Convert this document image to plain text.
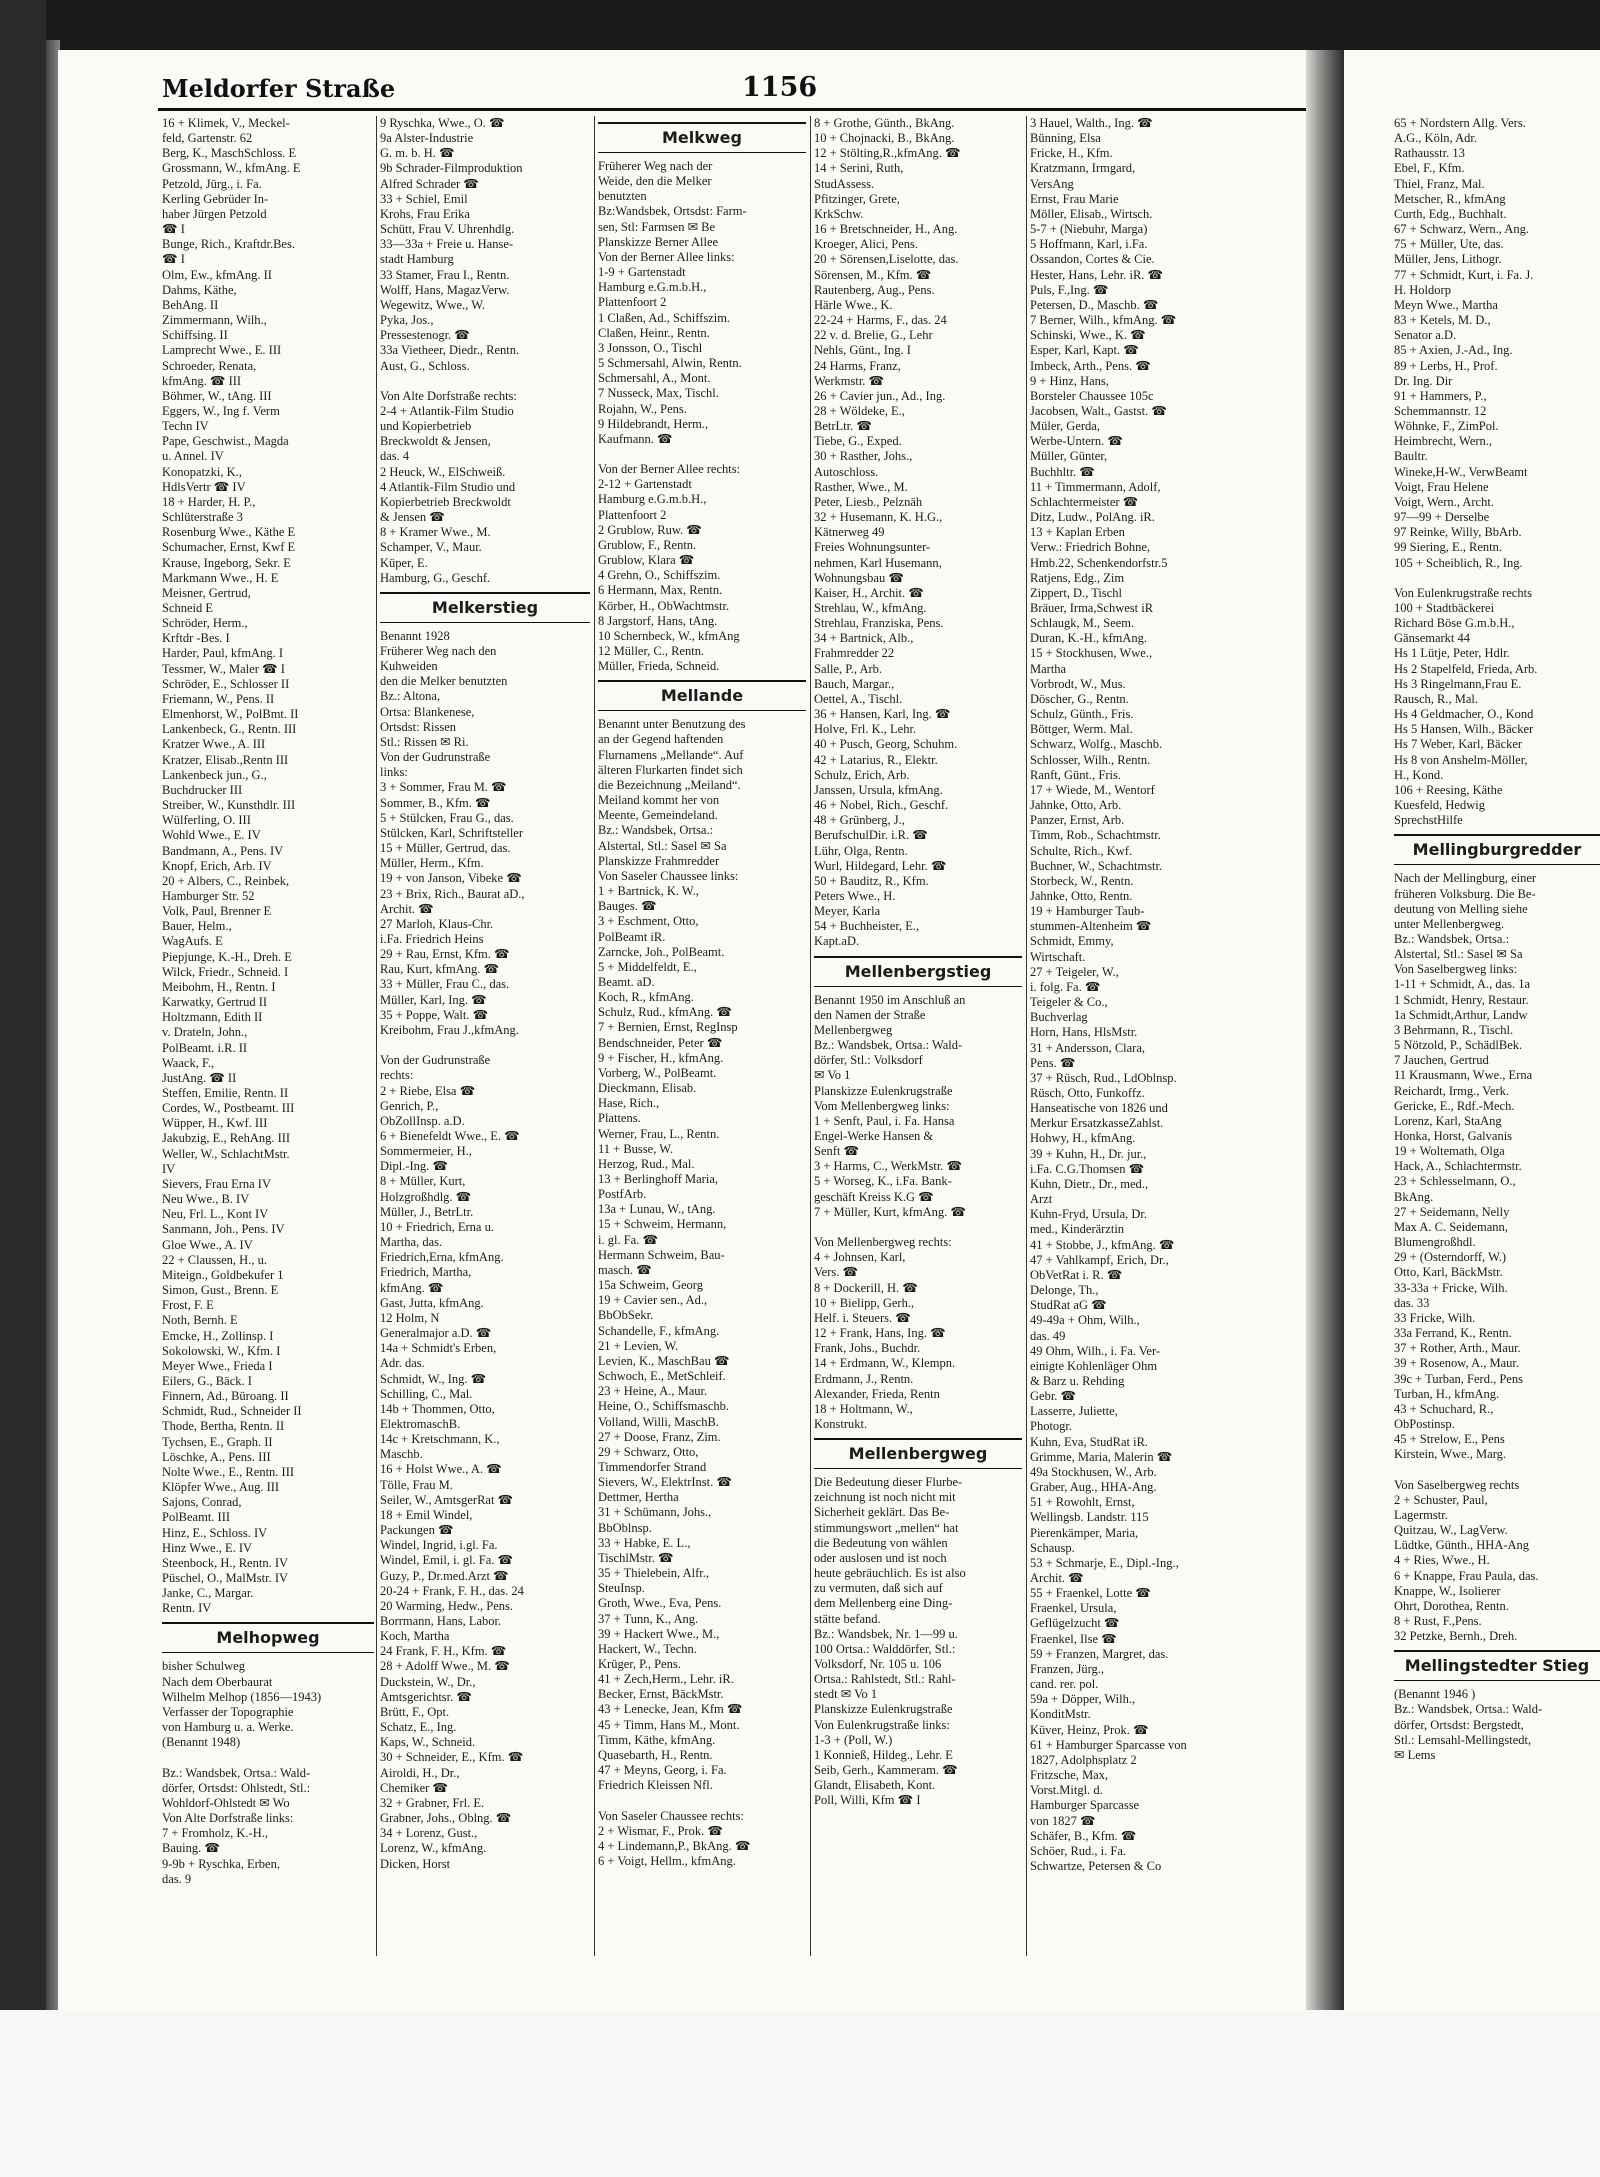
Meldorfer Straße	1156
16 + Klimek, V., Meckel-
feld, Gartenstr. 62
Berg, K., MaschSchloss. E
Grossmann, W., kfmAng. E
Petzold, Jürg., i. Fa.
Kerling Gebrüder In-
haber Jürgen Petzold
☎ I
Bunge, Rich., Kraftdr.Bes.
☎ I
Olm, Ew., kfmAng. II
Dahms, Käthe,
BehAng. II
Zimmermann, Wilh.,
Schiffsing. II
Lamprecht Wwe., E. III
Schroeder, Renata,
kfmAng. ☎ III
Böhmer, W., tAng. III
Eggers, W., Ing f. Verm
Techn IV
Pape, Geschwist., Magda
u. Annel. IV
Konopatzki, K.,
HdlsVertr ☎ IV
18 + Harder, H. P.,
Schlüterstraße 3
Rosenburg Wwe., Käthe E
Schumacher, Ernst, Kwf E
Krause, Ingeborg, Sekr. E
Markmann Wwe., H. E
Meisner, Gertrud,
Schneid E
Schröder, Herm.,
Krftdr -Bes. I
Harder, Paul, kfmAng. I
Tessmer, W., Maler ☎ I
Schröder, E., Schlosser II
Friemann, W., Pens. II
Elmenhorst, W., PolBmt. II
Lankenbeck, G., Rentn. III
Kratzer Wwe., A. III
Kratzer, Elisab.,Rentn III
Lankenbeck jun., G.,
Buchdrucker III
Streiber, W., Kunsthdlr. III
Wülferling, O. III
Wohld Wwe., E. IV
Bandmann, A., Pens. IV
Knopf, Erich, Arb. IV
20 + Albers, C., Reinbek,
Hamburger Str. 52
Volk, Paul, Brenner E
Bauer, Helm.,
WagAufs. E
Piepjunge, K.-H., Dreh. E
Wilck, Friedr., Schneid. I
Meibohm, H., Rentn. I
Karwatky, Gertrud II
Holtzmann, Edith II
v. Drateln, John.,
PolBeamt. i.R. II
Waack, F.,
JustAng. ☎ II
Steffen, Emilie, Rentn. II
Cordes, W., Postbeamt. III
Wüpper, H., Kwf. III
Jakubzig, E., RehAng. III
Weller, W., SchlachtMstr.
IV
Sievers, Frau Erna IV
Neu Wwe., B. IV
Neu, Frl. L., Kont IV
Sanmann, Joh., Pens. IV
Gloe Wwe., A. IV
22 + Claussen, H., u.
Miteign., Goldbekufer 1
Simon, Gust., Brenn. E
Frost, F. E
Noth, Bernh. E
Emcke, H., Zollinsp. I
Sokolowski, W., Kfm. I
Meyer Wwe., Frieda I
Eilers, G., Bäck. I
Finnern, Ad., Büroang. II
Schmidt, Rud., Schneider II
Thode, Bertha, Rentn. II
Tychsen, E., Graph. II
Löschke, A., Pens. III
Nolte Wwe., E., Rentn. III
Klöpfer Wwe., Aug. III
Sajons, Conrad,
PolBeamt. III
Hinz, E., Schloss. IV
Hinz Wwe., E. IV
Steenbock, H., Rentn. IV
Püschel, O., MalMstr. IV
Janke, C., Margar.
Rentn. IV
Melhopweg
bisher Schulweg
Nach dem Oberbaurat
Wilhelm Melhop (1856—1943)
Verfasser der Topographie
von Hamburg u. a. Werke.
(Benannt 1948)

Bz.: Wandsbek, Ortsa.: Wald-
dörfer, Ortsdst: Ohlstedt, Stl.:
Wohldorf-Ohlstedt ✉ Wo
Von Alte Dorfstraße links:
7 + Fromholz, K.-H.,
Bauing. ☎
9-9b + Ryschka, Erben,
das. 9
9 Ryschka, Wwe., O. ☎
9a Alster-Industrie
G. m. b. H. ☎
9b Schrader-Filmproduktion
Alfred Schrader ☎
33 + Schiel, Emil
Krohs, Frau Erika
Schütt, Frau V. Uhrenhdlg.
33—33a + Freie u. Hanse-
stadt Hamburg
33 Stamer, Frau I., Rentn.
Wolff, Hans, MagazVerw.
Wegewitz, Wwe., W.
Pyka, Jos.,
Pressestenogr. ☎
33a Vietheer, Diedr., Rentn.
Aust, G., Schloss.

Von Alte Dorfstraße rechts:
2-4 + Atlantik-Film Studio
und Kopierbetrieb
Breckwoldt & Jensen,
das. 4
2 Heuck, W., ElSchweiß.
4 Atlantik-Film Studio und
Kopierbetrieb Breckwoldt
& Jensen ☎
8 + Kramer Wwe., M.
Schamper, V., Maur.
Küper, E.
Hamburg, G., Geschf.
Melkerstieg
Benannt 1928
Früherer Weg nach den
Kuhweiden
den die Melker benutzten
Bz.: Altona,
Ortsa: Blankenese,
Ortsdst: Rissen
Stl.: Rissen ✉ Ri.
Von der Gudrunstraße
links:
3 + Sommer, Frau M. ☎
Sommer, B., Kfm. ☎
5 + Stülcken, Frau G., das.
Stülcken, Karl, Schriftsteller
15 + Müller, Gertrud, das.
Müller, Herm., Kfm.
19 + von Janson, Vibeke ☎
23 + Brix, Rich., Baurat aD.,
Archit. ☎
27 Marloh, Klaus-Chr.
i.Fa. Friedrich Heins
29 + Rau, Ernst, Kfm. ☎
Rau, Kurt, kfmAng. ☎
33 + Müller, Frau C., das.
Müller, Karl, Ing. ☎
35 + Poppe, Walt. ☎
Kreibohm, Frau J.,kfmAng.

Von der Gudrunstraße
rechts:
2 + Riebe, Elsa ☎
Genrich, P.,
ObZollInsp. a.D.
6 + Bienefeldt Wwe., E. ☎
Sommermeier, H.,
Dipl.-Ing. ☎
8 + Müller, Kurt,
Holzgroßhdlg. ☎
Müller, J., BetrLtr.
10 + Friedrich, Erna u.
Martha, das.
Friedrich,Erna, kfmAng.
Friedrich, Martha,
kfmAng. ☎
Gast, Jutta, kfmAng.
12 Holm, N
Generalmajor a.D. ☎
14a + Schmidt's Erben,
Adr. das.
Schmidt, W., Ing. ☎
Schilling, C., Mal.
14b + Thommen, Otto,
ElektromaschB.
14c + Kretschmann, K.,
Maschb.
16 + Holst Wwe., A. ☎
Tölle, Frau M.
Seiler, W., AmtsgerRat ☎
18 + Emil Windel,
Packungen ☎
Windel, Ingrid, i.gl. Fa.
Windel, Emil, i. gl. Fa. ☎
Guzy, P., Dr.med.Arzt ☎
20-24 + Frank, F. H., das. 24
20 Warming, Hedw., Pens.
Borrmann, Hans, Labor.
Koch, Martha
24 Frank, F. H., Kfm. ☎
28 + Adolff Wwe., M. ☎
Duckstein, W., Dr.,
Amtsgerichtsr. ☎
Brütt, F., Opt.
Schatz, E., Ing.
Kaps, W., Schneid.
30 + Schneider, E., Kfm. ☎
Airoldi, H., Dr.,
Chemiker ☎
32 + Grabner, Frl. E.
Grabner, Johs., Oblng. ☎
34 + Lorenz, Gust.,
Lorenz, W., kfmAng.
Dicken, Horst
Melkweg
Früherer Weg nach der
Weide, den die Melker
benutzten
Bz:Wandsbek, Ortsdst: Farm-
sen, Stl: Farmsen ✉ Be
Planskizze Berner Allee
Von der Berner Allee links:
1-9 + Gartenstadt
Hamburg e.G.m.b.H.,
Plattenfoort 2
1 Claßen, Ad., Schiffszim.
Claßen, Heinr., Rentn.
3 Jonsson, O., Tischl
5 Schmersahl, Alwin, Rentn.
Schmersahl, A., Mont.
7 Nusseck, Max, Tischl.
Rojahn, W., Pens.
9 Hildebrandt, Herm.,
Kaufmann. ☎

Von der Berner Allee rechts:
2-12 + Gartenstadt
Hamburg e.G.m.b.H.,
Plattenfoort 2
2 Grublow, Ruw. ☎
Grublow, F., Rentn.
Grublow, Klara ☎
4 Grehn, O., Schiffszim.
6 Hermann, Max, Rentn.
Körber, H., ObWachtmstr.
8 Jargstorf, Hans, tAng.
10 Schernbeck, W., kfmAng
12 Müller, C., Rentn.
Müller, Frieda, Schneid.
Mellande
Benannt unter Benutzung des
an der Gegend haftenden
Flurnamens „Mellande“. Auf
älteren Flurkarten findet sich
die Bezeichnung „Meiland“.
Meiland kommt her von
Meente, Gemeindeland.
Bz.: Wandsbek, Ortsa.:
Alstertal, Stl.: Sasel ✉ Sa
Planskizze Frahmredder
Von Saseler Chaussee links:
1 + Bartnick, K. W.,
Bauges. ☎
3 + Eschment, Otto,
PolBeamt iR.
Zarncke, Joh., PolBeamt.
5 + Middelfeldt, E.,
Beamt. aD.
Koch, R., kfmAng.
Schulz, Rud., kfmAng. ☎
7 + Bernien, Ernst, RegInsp
Bendschneider, Peter ☎
9 + Fischer, H., kfmAng.
Vorberg, W., PolBeamt.
Dieckmann, Elisab.
Hase, Rich.,
Plattens.
Werner, Frau, L., Rentn.
11 + Busse, W.
Herzog, Rud., Mal.
13 + Berlinghoff Maria,
PostfArb.
13a + Lunau, W., tAng.
15 + Schweim, Hermann,
i. gl. Fa. ☎
Hermann Schweim, Bau-
masch. ☎
15a Schweim, Georg
19 + Cavier sen., Ad.,
BbObSekr.
Schandelle, F., kfmAng.
21 + Levien, W.
Levien, K., MaschBau ☎
Schwoch, E., MetSchleif.
23 + Heine, A., Maur.
Heine, O., Schiffsmaschb.
Volland, Willi, MaschB.
27 + Doose, Franz, Zim.
29 + Schwarz, Otto,
Timmendorfer Strand
Sievers, W., ElektrInst. ☎
Dettmer, Hertha
31 + Schümann, Johs.,
BbOblnsp.
33 + Habke, E. L.,
TischlMstr. ☎
35 + Thielebein, Alfr.,
SteuInsp.
Groth, Wwe., Eva, Pens.
37 + Tunn, K., Ang.
39 + Hackert Wwe., M.,
Hackert, W., Techn.
Krüger, P., Pens.
41 + Zech,Herm., Lehr. iR.
Becker, Ernst, BäckMstr.
43 + Lenecke, Jean, Kfm ☎
45 + Timm, Hans M., Mont.
Timm, Käthe, kfmAng.
Quasebarth, H., Rentn.
47 + Meyns, Georg, i. Fa.
Friedrich Kleissen Nfl.

Von Saseler Chaussee rechts:
2 + Wismar, F., Prok. ☎
4 + Lindemann,P., BkAng. ☎
6 + Voigt, Hellm., kfmAng.
8 + Grothe, Günth., BkAng.
10 + Chojnacki, B., BkAng.
12 + Stölting,R.,kfmAng. ☎
14 + Serini, Ruth,
StudAssess.
Pfitzinger, Grete,
KrkSchw.
16 + Bretschneider, H., Ang.
Kroeger, Alici, Pens.
20 + Sörensen,Liselotte, das.
Sörensen, M., Kfm. ☎
Rautenberg, Aug., Pens.
Härle Wwe., K.
22-24 + Harms, F., das. 24
22 v. d. Brelie, G., Lehr
Nehls, Günt., Ing. I
24 Harms, Franz,
Werkmstr. ☎
26 + Cavier jun., Ad., Ing.
28 + Wöldeke, E.,
BetrLtr. ☎
Tiebe, G., Exped.
30 + Rasther, Johs.,
Autoschloss.
Rasther, Wwe., M.
Peter, Liesb., Pelznäh
32 + Husemann, K. H.G.,
Kätnerweg 49
Freies Wohnungsunter-
nehmen, Karl Husemann,
Wohnungsbau ☎
Kaiser, H., Archit. ☎
Strehlau, W., kfmAng.
Strehlau, Franziska, Pens.
34 + Bartnick, Alb.,
Frahmredder 22
Salle, P., Arb.
Bauch, Margar.,
Oettel, A., Tischl.
36 + Hansen, Karl, Ing. ☎
Holve, Frl. K., Lehr.
40 + Pusch, Georg, Schuhm.
42 + Latarius, R., Elektr.
Schulz, Erich, Arb.
Janssen, Ursula, kfmAng.
46 + Nobel, Rich., Geschf.
48 + Grünberg, J.,
BerufschulDir. i.R. ☎
Lühr, Olga, Rentn.
Wurl, Hildegard, Lehr. ☎
50 + Bauditz, R., Kfm.
Peters Wwe., H.
Meyer, Karla
54 + Buchheister, E.,
Kapt.aD.
Mellenbergstieg
Benannt 1950 im Anschluß an
den Namen der Straße
Mellenbergweg
Bz.: Wandsbek, Ortsa.: Wald-
dörfer, Stl.: Volksdorf
✉ Vo 1
Planskizze Eulenkrugstraße
Vom Mellenbergweg links:
1 + Senft, Paul, i. Fa. Hansa
Engel-Werke Hansen &
Senft ☎
3 + Harms, C., WerkMstr. ☎
5 + Worseg, K., i.Fa. Bank-
geschäft Kreiss K.G ☎
7 + Müller, Kurt, kfmAng. ☎

Von Mellenbergweg rechts:
4 + Johnsen, Karl,
Vers. ☎
8 + Dockerill, H. ☎
10 + Bielipp, Gerh.,
Helf. i. Steuers. ☎
12 + Frank, Hans, Ing. ☎
Frank, Johs., Buchdr.
14 + Erdmann, W., Klempn.
Erdmann, J., Rentn.
Alexander, Frieda, Rentn
18 + Holtmann, W.,
Konstrukt.
Mellenbergweg
Die Bedeutung dieser Flurbe-
zeichnung ist noch nicht mit
Sicherheit geklärt. Das Be-
stimmungswort „mellen“ hat
die Bedeutung von wählen
oder auslosen und ist noch
heute gebräuchlich. Es ist also
zu vermuten, daß sich auf
dem Mellenberg eine Ding-
stätte befand.
Bz.: Wandsbek, Nr. 1—99 u.
100 Ortsa.: Walddörfer, Stl.:
Volksdorf, Nr. 105 u. 106
Ortsa.: Rahlstedt, Stl.: Rahl-
stedt ✉ Vo 1
Planskizze Eulenkrugstraße
Von Eulenkrugstraße links:
1-3 + (Poll, W.)
1 Konnieß, Hildeg., Lehr. E
Seib, Gerh., Kammeram. ☎
Glandt, Elisabeth, Kont.
Poll, Willi, Kfm ☎ I
3 Hauel, Walth., Ing. ☎
Bünning, Elsa
Fricke, H., Kfm.
Kratzmann, Irmgard,
VersAng
Ernst, Frau Marie
Möller, Elisab., Wirtsch.
5-7 + (Niebuhr, Marga)
5 Hoffmann, Karl, i.Fa.
Ossandon, Cortes & Cie.
Hester, Hans, Lehr. iR. ☎
Puls, F.,Ing. ☎
Petersen, D., Maschb. ☎
7 Berner, Wilh., kfmAng. ☎
Schinski, Wwe., K. ☎
Esper, Karl, Kapt. ☎
Imbeck, Arth., Pens. ☎
9 + Hinz, Hans,
Borsteler Chaussee 105c
Jacobsen, Walt., Gastst. ☎
Müler, Gerda,
Werbe-Untern. ☎
Müller, Günter,
Buchhltr. ☎
11 + Timmermann, Adolf,
Schlachtermeister ☎
Ditz, Ludw., PolAng. iR.
13 + Kaplan Erben
Verw.: Friedrich Bohne,
Hmb.22, Schenkendorfstr.5
Ratjens, Edg., Zim
Zippert, D., Tischl
Bräuer, Irma,Schwest iR
Schlaugk, M., Seem.
Duran, K.-H., kfmAng.
15 + Stockhusen, Wwe.,
Martha
Vorbrodt, W., Mus.
Döscher, G., Rentn.
Schulz, Günth., Fris.
Böttger, Werm. Mal.
Schwarz, Wolfg., Maschb.
Schlosser, Wilh., Rentn.
Ranft, Günt., Fris.
17 + Wiede, M., Wentorf
Jahnke, Otto, Arb.
Panzer, Ernst, Arb.
Timm, Rob., Schachtmstr.
Schulte, Rich., Kwf.
Buchner, W., Schachtmstr.
Storbeck, W., Rentn.
Jahnke, Otto, Rentn.
19 + Hamburger Taub-
stummen-Altenheim ☎
Schmidt, Emmy,
Wirtschaft.
27 + Teigeler, W.,
i. folg. Fa. ☎
Teigeler & Co.,
Buchverlag
Horn, Hans, HlsMstr.
31 + Andersson, Clara,
Pens. ☎
37 + Rüsch, Rud., LdOblnsp.
Rüsch, Otto, Funkoffz.
Hanseatische von 1826 und
Merkur ErsatzkasseZahlst.
Hohwy, H., kfmAng.
39 + Kuhn, H., Dr. jur.,
i.Fa. C.G.Thomsen ☎
Kuhn, Dietr., Dr., med.,
Arzt
Kuhn-Fryd, Ursula, Dr.
med., Kinderärztin
41 + Stobbe, J., kfmAng. ☎
47 + Vahlkampf, Erich, Dr.,
ObVetRat i. R. ☎
Delonge, Th.,
StudRat aG ☎
49-49a + Ohm, Wilh.,
das. 49
49 Ohm, Wilh., i. Fa. Ver-
einigte Kohlenläger Ohm
& Barz u. Rehding
Gebr. ☎
Lasserre, Juliette,
Photogr.
Kuhn, Eva, StudRat iR.
Grimme, Maria, Malerin ☎
49a Stockhusen, W., Arb.
Graber, Aug., HHA-Ang.
51 + Rowohlt, Ernst,
Wellingsb. Landstr. 115
Pierenkämper, Maria,
Schausp.
53 + Schmarje, E., Dipl.-Ing.,
Archit. ☎
55 + Fraenkel, Lotte ☎
Fraenkel, Ursula,
Geflügelzucht ☎
Fraenkel, Ilse ☎
59 + Franzen, Margret, das.
Franzen, Jürg.,
cand. rer. pol.
59a + Döpper, Wilh.,
KonditMstr.
Küver, Heinz, Prok. ☎
61 + Hamburger Sparcasse von
1827, Adolphsplatz 2
Fritzsche, Max,
Vorst.Mitgl. d.
Hamburger Sparcasse
von 1827 ☎
Schäfer, B., Kfm. ☎
Schöer, Rud., i. Fa.
Schwartze, Petersen & Co
65 + Nordstern Allg. Vers.
A.G., Köln, Adr.
Rathausstr. 13
Ebel, F., Kfm.
Thiel, Franz, Mal.
Metscher, R., kfmAng
Curth, Edg., Buchhalt.
67 + Schwarz, Wern., Ang.
75 + Müller, Ute, das.
Müller, Jens, Lithogr.
77 + Schmidt, Kurt, i. Fa. J.
H. Holdorp
Meyn Wwe., Martha
83 + Ketels, M. D.,
Senator a.D.
85 + Axien, J.-Ad., Ing.
89 + Lerbs, H., Prof.
Dr. Ing. Dir
91 + Hammers, P.,
Schemmannstr. 12
Wöhnke, F., ZimPol.
Heimbrecht, Wern.,
Baultr.
Wineke,H-W., VerwBeamt
Voigt, Frau Helene
Voigt, Wern., Archt.
97—99 + Derselbe
97 Reinke, Willy, BbArb.
99 Siering, E., Rentn.
105 + Scheiblich, R., Ing.

Von Eulenkrugstraße rechts
100 + Stadtbäckerei
Richard Böse G.m.b.H.,
Gänsemarkt 44
Hs 1 Lütje, Peter, Hdlr.
Hs 2 Stapelfeld, Frieda, Arb.
Hs 3 Ringelmann,Frau E.
Rausch, R., Mal.
Hs 4 Geldmacher, O., Kond
Hs 5 Hansen, Wilh., Bäcker
Hs 7 Weber, Karl, Bäcker
Hs 8 von Anshelm-Möller,
H., Kond.
106 + Reesing, Käthe
Kuesfeld, Hedwig
SprechstHilfe
Mellingburgredder
Nach der Mellingburg, einer
früheren Volksburg. Die Be-
deutung von Melling siehe
unter Mellenbergweg.
Bz.: Wandsbek, Ortsa.:
Alstertal, Stl.: Sasel ✉ Sa
Von Saselbergweg links:
1-11 + Schmidt, A., das. 1a
1 Schmidt, Henry, Restaur.
1a Schmidt,Arthur, Landw
3 Behrmann, R., Tischl.
5 Nötzold, P., SchädlBek.
7 Jauchen, Gertrud
11 Krausmann, Wwe., Erna
Reichardt, Irmg., Verk.
Gericke, E., Rdf.-Mech.
Lorenz, Karl, StaAng
Honka, Horst, Galvanis
19 + Woltemath, Olga
Hack, A., Schlachtermstr.
23 + Schlesselmann, O.,
BkAng.
27 + Seidemann, Nelly
Max A. C. Seidemann,
Blumengroßhdl.
29 + (Osterndorff, W.)
Otto, Karl, BäckMstr.
33-33a + Fricke, Wilh.
das. 33
33 Fricke, Wilh.
33a Ferrand, K., Rentn.
37 + Rother, Arth., Maur.
39 + Rosenow, A., Maur.
39c + Turban, Ferd., Pens
Turban, H., kfmAng.
43 + Schuchard, R.,
ObPostinsp.
45 + Strelow, E., Pens
Kirstein, Wwe., Marg.

Von Saselbergweg rechts
2 + Schuster, Paul,
Lagermstr.
Quitzau, W., LagVerw.
Lüdtke, Günth., HHA-Ang
4 + Ries, Wwe., H.
6 + Knappe, Frau Paula, das.
Knappe, W., Isolierer
Ohrt, Dorothea, Rentn.
8 + Rust, F.,Pens.
32 Petzke, Bernh., Dreh.
Mellingstedter Stieg
(Benannt 1946 )
Bz.: Wandsbek, Ortsa.: Wald-
dörfer, Ortsdst: Bergstedt,
Stl.: Lemsahl-Mellingstedt,
✉ Lems
